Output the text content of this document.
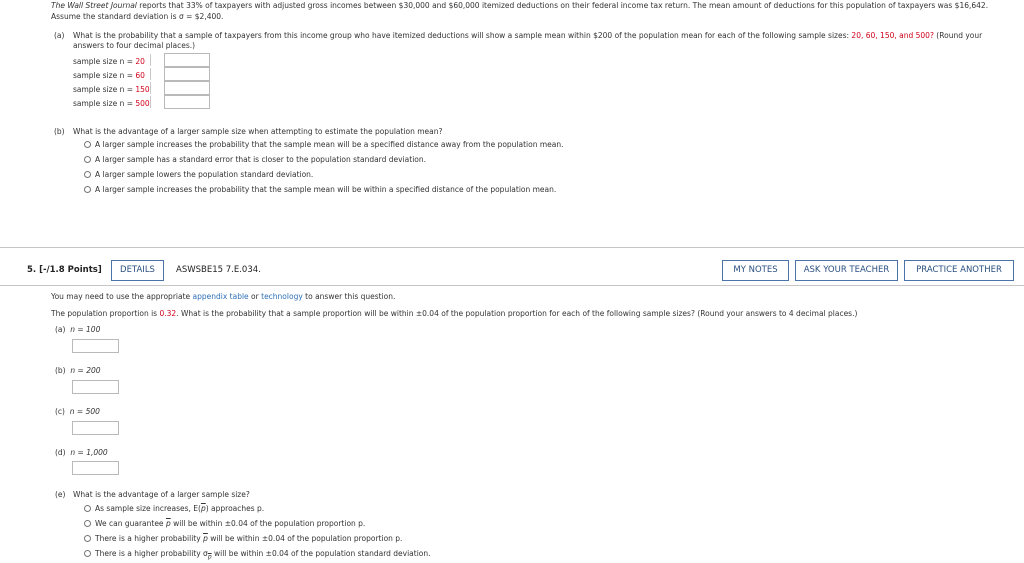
The Wall Street Journal reports that 33% of taxpayers with adjusted gross incomes between $30,000 and $60,000 itemized deductions on their federal income tax return. The mean amount of deductions for this population of taxpayers was $16,642.
Assume the standard deviation is σ = $2,400.
(a) What is the probability that a sample of taxpayers from this income group who have itemized deductions will show a sample mean within $200 of the population mean for each of the following sample sizes: 20, 60, 150, and 500? (Round your
answers to four decimal places.)
sample size n = 20
sample size n = 60
sample size n = 150
sample size n = 500
(b) What is the advantage of a larger sample size when attempting to estimate the population mean?
A larger sample increases the probability that the sample mean will be a specified distance away from the population mean.
A larger sample has a standard error that is closer to the population standard deviation.
A larger sample lowers the population standard deviation.
A larger sample increases the probability that the sample mean will be within a specified distance of the population mean.
5. [-/1.8 Points]	DETAILS	ASWSBE15 7.E.034.	MY NOTES	ASK YOUR TEACHER	PRACTICE ANOTHER
You may need to use the appropriate appendix table or technology to answer this question.
The population proportion is 0.32. What is the probability that a sample proportion will be within ±0.04 of the population proportion for each of the following sample sizes? (Round your answers to 4 decimal places.)
(a) n = 100
(b) n = 200
(c) n = 500
(d) n = 1,000
(e) What is the advantage of a larger sample size?
As sample size increases, $E(\overline{p})$ approaches p.
We can guarantee $\overline{p}$ will be within ±0.04 of the population proportion p.
There is a higher probability $\overline{p}$ will be within ±0.04 of the population proportion p.
There is a higher probability $\sigma_{\overline{p}}$ will be within ±0.04 of the population standard deviation.
